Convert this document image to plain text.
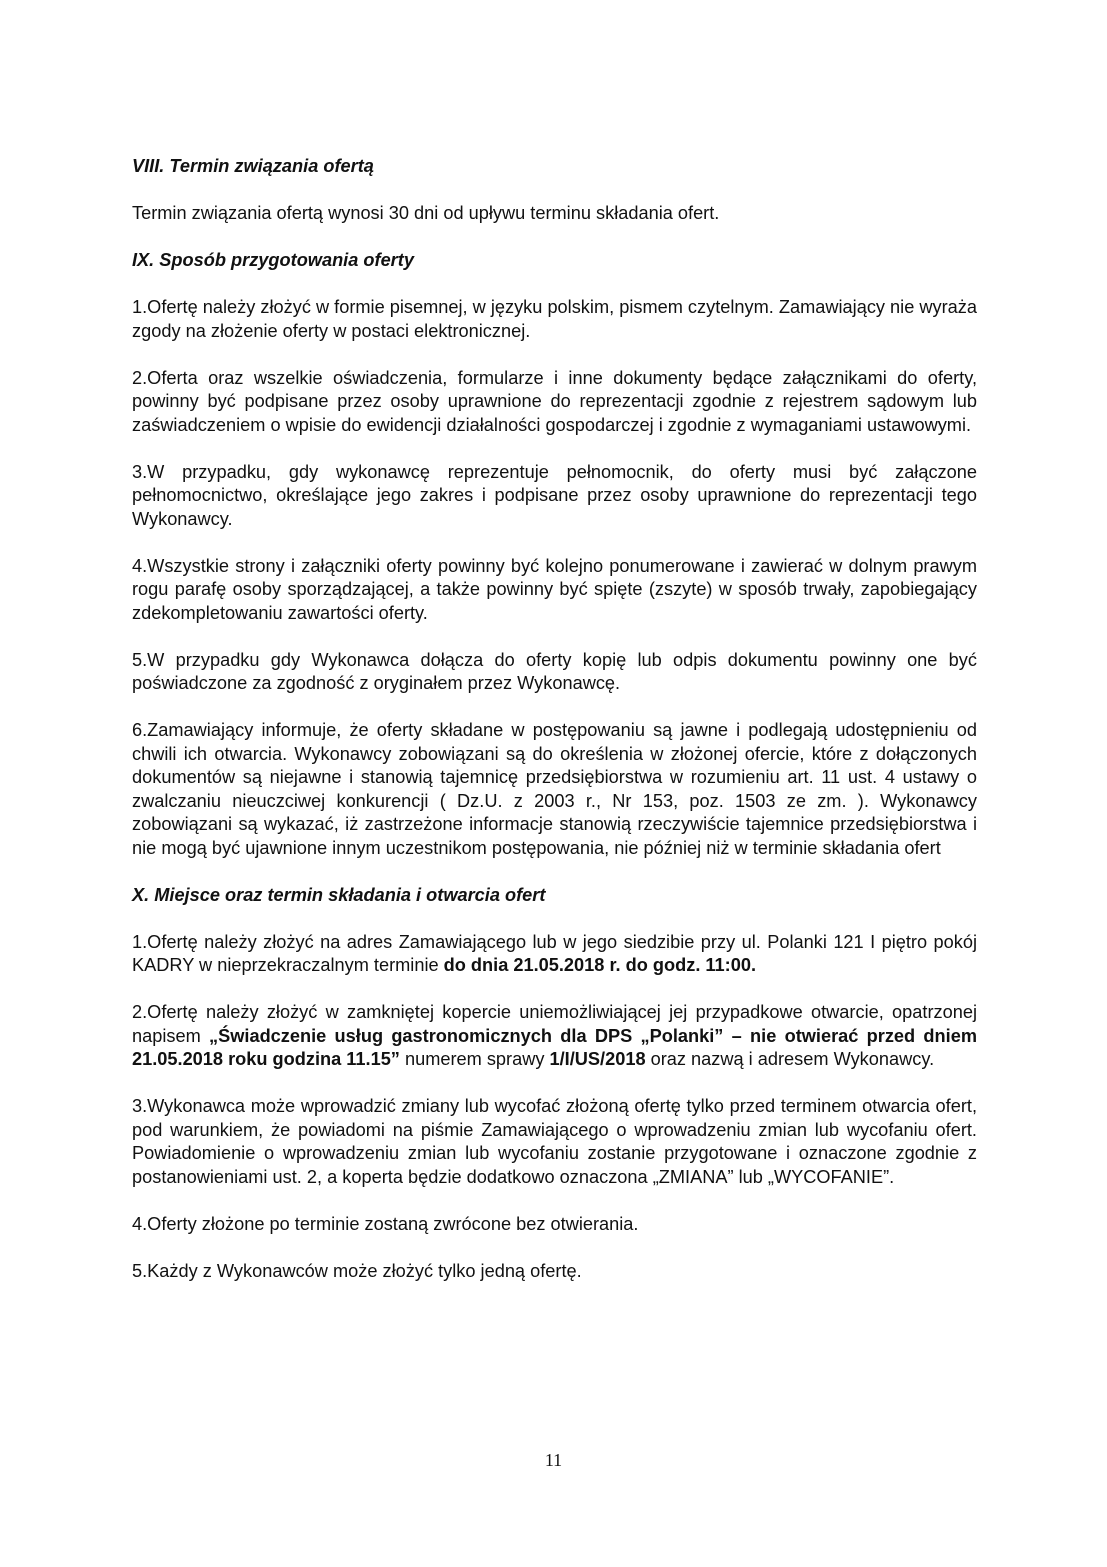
VIII. Termin związania ofertą
Termin związania ofertą wynosi 30 dni od upływu terminu składania ofert.
IX. Sposób przygotowania oferty
1.Ofertę należy złożyć w formie pisemnej, w języku polskim, pismem czytelnym. Zamawiający nie wyraża zgody na złożenie oferty w postaci elektronicznej.
2.Oferta oraz wszelkie oświadczenia, formularze i inne dokumenty będące załącznikami do oferty, powinny być podpisane przez osoby uprawnione do reprezentacji zgodnie z rejestrem sądowym lub zaświadczeniem o wpisie do ewidencji działalności gospodarczej i zgodnie z wymaganiami ustawowymi.
3.W przypadku, gdy wykonawcę reprezentuje pełnomocnik, do oferty musi być załączone pełnomocnictwo, określające jego zakres i podpisane przez osoby uprawnione do reprezentacji tego Wykonawcy.
4.Wszystkie strony i załączniki oferty powinny być kolejno ponumerowane i zawierać w dolnym prawym rogu parafę osoby sporządzającej, a także powinny być spięte (zszyte) w sposób trwały, zapobiegający zdekompletowaniu zawartości oferty.
5.W przypadku gdy Wykonawca dołącza do oferty kopię lub odpis dokumentu powinny one być poświadczone za zgodność z oryginałem przez Wykonawcę.
6.Zamawiający informuje, że oferty składane w postępowaniu są jawne i podlegają udostępnieniu od chwili ich otwarcia. Wykonawcy zobowiązani są do określenia w złożonej ofercie, które z dołączonych dokumentów są niejawne i stanowią tajemnicę przedsiębiorstwa w rozumieniu art. 11 ust. 4 ustawy o zwalczaniu nieuczciwej konkurencji ( Dz.U. z 2003 r., Nr 153, poz. 1503 ze zm. ). Wykonawcy zobowiązani są wykazać, iż zastrzeżone informacje stanowią rzeczywiście tajemnice przedsiębiorstwa i nie mogą być ujawnione innym uczestnikom postępowania, nie później niż w terminie składania ofert
X. Miejsce oraz termin składania i otwarcia ofert
1.Ofertę należy złożyć na adres Zamawiającego lub w jego siedzibie przy ul. Polanki 121 I piętro pokój KADRY w nieprzekraczalnym terminie do dnia 21.05.2018 r. do godz. 11:00.
2.Ofertę należy złożyć w zamkniętej kopercie uniemożliwiającej jej przypadkowe otwarcie, opatrzonej napisem „Świadczenie usług gastronomicznych dla DPS „Polanki” – nie otwierać przed dniem 21.05.2018 roku godzina 11.15” numerem sprawy 1/I/US/2018 oraz nazwą i adresem Wykonawcy.
3.Wykonawca może wprowadzić zmiany lub wycofać złożoną ofertę tylko przed terminem otwarcia ofert, pod warunkiem, że powiadomi na piśmie Zamawiającego o wprowadzeniu zmian lub wycofaniu ofert. Powiadomienie o wprowadzeniu zmian lub wycofaniu zostanie przygotowane i oznaczone zgodnie z postanowieniami ust. 2, a koperta będzie dodatkowo oznaczona „ZMIANA” lub „WYCOFANIE”.
4.Oferty złożone po terminie zostaną zwrócone bez otwierania.
5.Każdy z Wykonawców może złożyć tylko jedną ofertę.
11
